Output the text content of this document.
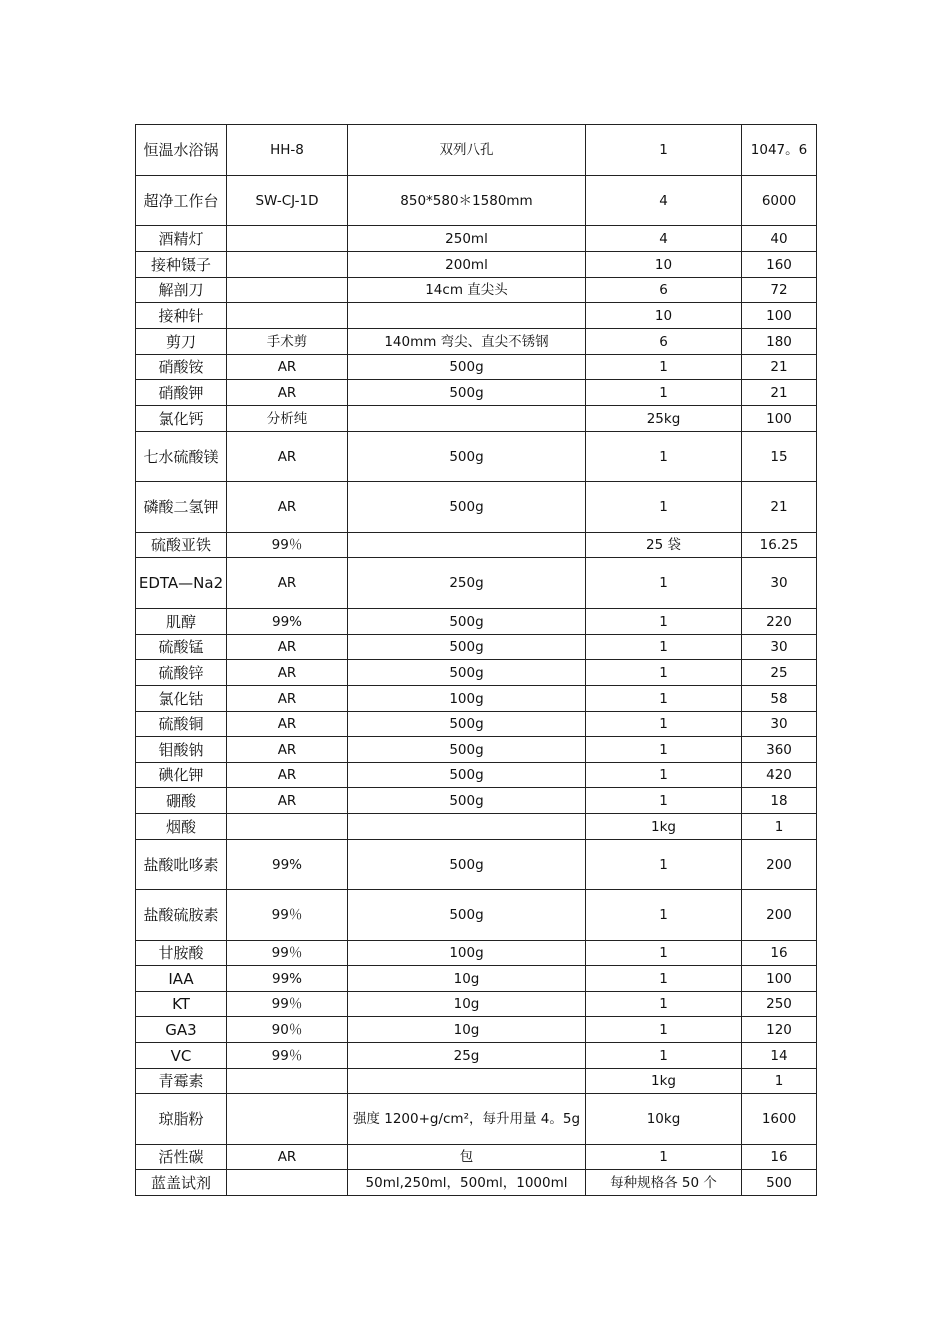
恒温水浴锅	HH-8	双列八孔	1	1047。6
超净工作台	SW-CJ-1D	850*580＊1580mm	4	6000
酒精灯		250ml	4	40
接种镊子		200ml	10	160
解剖刀		14cm 直尖头	6	72
接种针			10	100
剪刀	手术剪	140mm 弯尖、直尖不锈钢	6	180
硝酸铵	AR	500g	1	21
硝酸钾	AR	500g	1	21
氯化钙	分析纯		25kg	100
七水硫酸镁	AR	500g	1	15
磷酸二氢钾	AR	500g	1	21
硫酸亚铁	99％		25 袋	16.25
EDTA—Na2	AR	250g	1	30
肌醇	99%	500g	1	220
硫酸锰	AR	500g	1	30
硫酸锌	AR	500g	1	25
氯化钴	AR	100g	1	58
硫酸铜	AR	500g	1	30
钼酸钠	AR	500g	1	360
碘化钾	AR	500g	1	420
硼酸	AR	500g	1	18
烟酸			1kg	1
盐酸吡哆素	99%	500g	1	200
盐酸硫胺素	99％	500g	1	200
甘胺酸	99％	100g	1	16
IAA	99%	10g	1	100
KT	99％	10g	1	250
GA3	90％	10g	1	120
VC	99％	25g	1	14
青霉素			1kg	1
琼脂粉		强度 1200+g/cm²，每升用量 4。5g	10kg	1600
活性碳	AR	包	1	16
蓝盖试剂		50ml,250ml，500ml，1000ml	每种规格各 50 个	500
